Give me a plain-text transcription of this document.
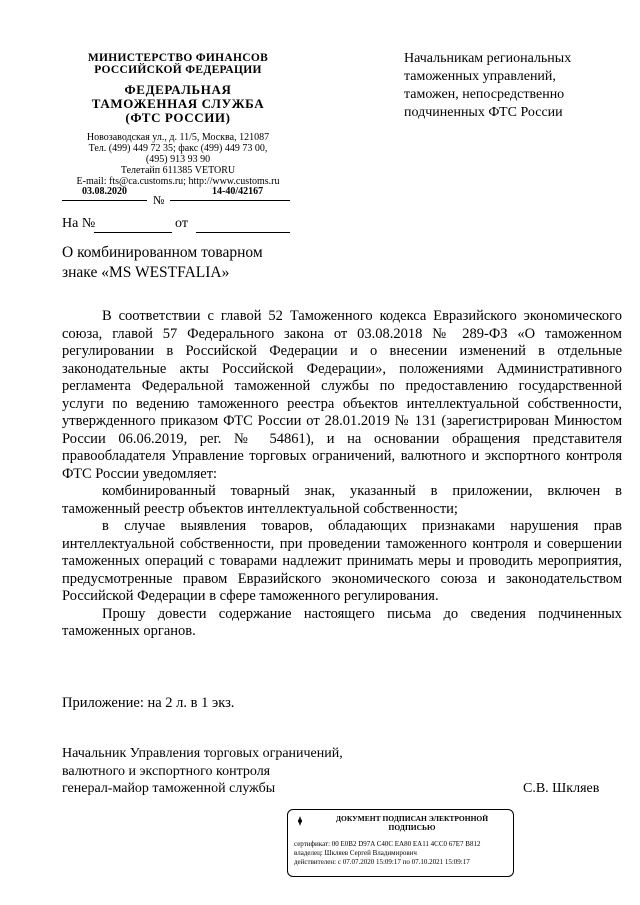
МИНИСТЕРСТВО ФИНАНСОВ
РОССИЙСКОЙ ФЕДЕРАЦИИ
ФЕДЕРАЛЬНАЯ
ТАМОЖЕННАЯ СЛУЖБА
(ФТС РОССИИ)
Новозаводская ул., д. 11/5, Москва, 121087
Тел. (499) 449 72 35; факс (499) 449 73 00,
(495) 913 93 90
Телетайп 611385 VETORU
E-mail: fts@ca.customs.ru; http://www.customs.ru
Начальникам региональных таможенных управлений, таможен, непосредственно подчиненных ФТС России
03.08.2020
№
14-40/42167
На №	от
О комбинированном товарном знаке «MS WESTFALIA»

В соответствии с главой 52 Таможенного кодекса Евразийского экономического союза, главой 57 Федерального закона от 03.08.2018 № 289-ФЗ «О таможенном регулировании в Российской Федерации и о внесении изменений в отдельные законодательные акты Российской Федерации», положениями Административного регламента Федеральной таможенной службы по предоставлению государственной услуги по ведению таможенного реестра объектов интеллектуальной собственности, утвержденного приказом ФТС России от 28.01.2019 № 131 (зарегистрирован Минюстом России 06.06.2019, рег. № 54861), и на основании обращения представителя правообладателя Управление торговых ограничений, валютного и экспортного контроля ФТС России уведомляет:

комбинированный товарный знак, указанный в приложении, включен в таможенный реестр объектов интеллектуальной собственности;

в случае выявления товаров, обладающих признаками нарушения прав интеллектуальной собственности, при проведении таможенного контроля и совершении таможенных операций с товарами надлежит принимать меры и проводить мероприятия, предусмотренные правом Евразийского экономического союза и законодательством Российской Федерации в сфере таможенного регулирования.

Прошу довести содержание настоящего письма до сведения подчиненных таможенных органов.

Приложение: на 2 л. в 1 экз.
Начальник Управления торговых ограничений,
валютного и экспортного контроля
генерал-майор таможенной службы	С.В. Шкляев
ДОКУМЕНТ ПОДПИСАН ЭЛЕКТРОННОЙ ПОДПИСЬЮ
сертификат: 00 E0B2 D97A C40C EA80 EA11 4CC0 67E7 B812
владелец: Шкляев Сергей Владимирович
действителен: с 07.07.2020 15:09:17 по 07.10.2021 15:09:17
